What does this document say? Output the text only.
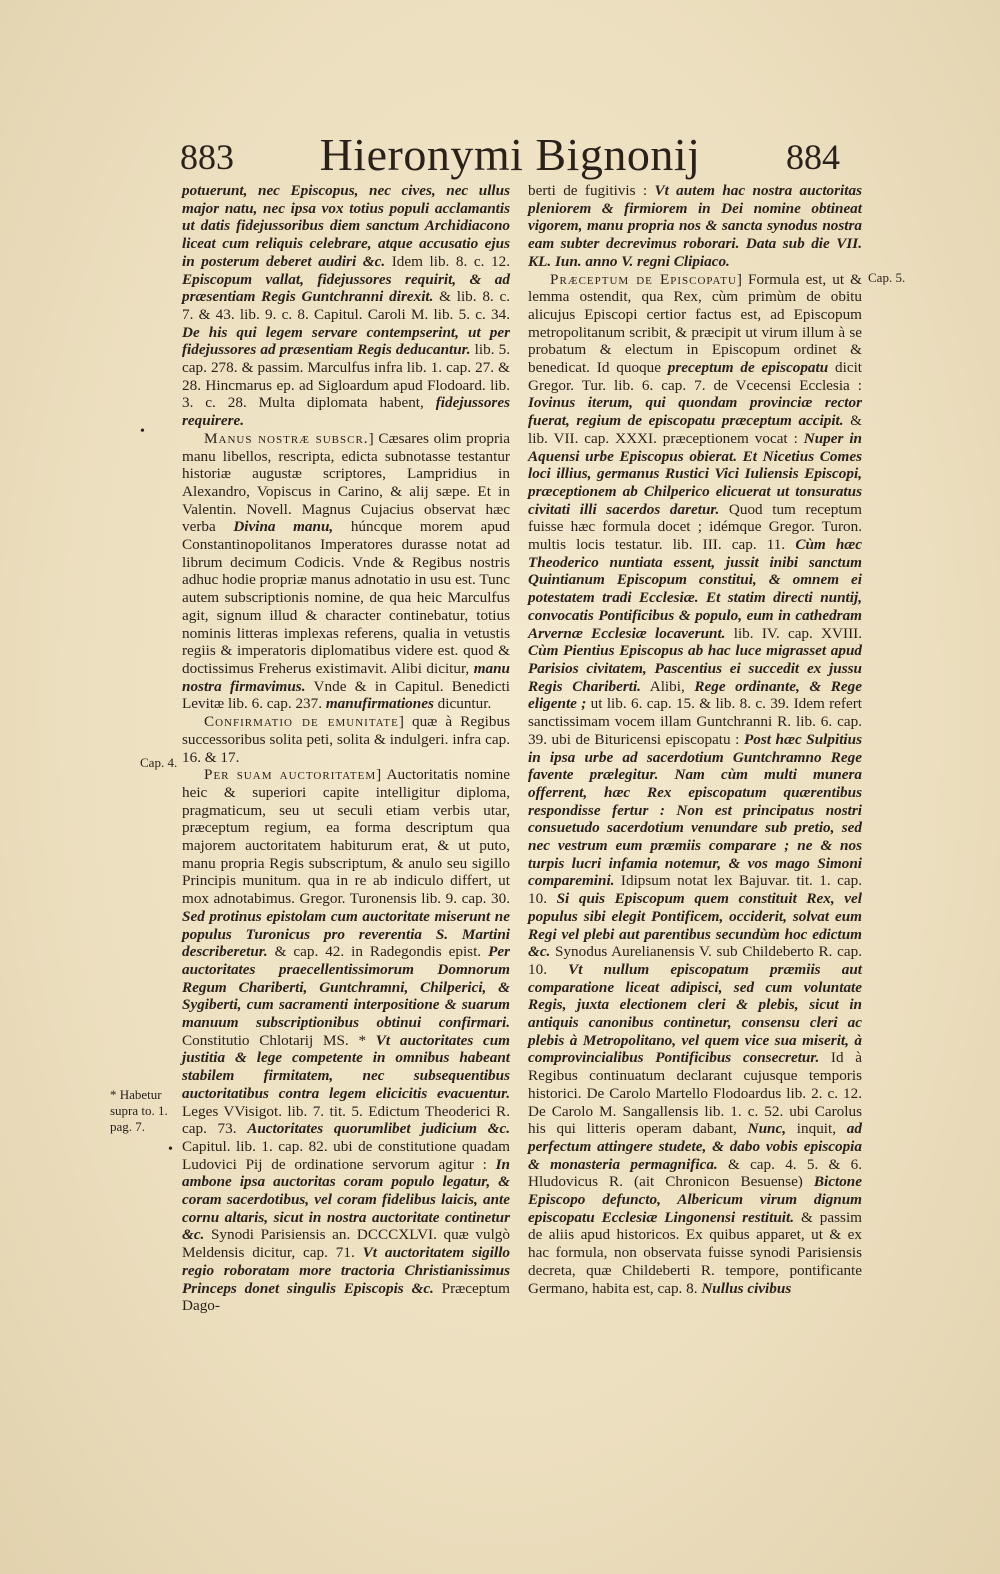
883	Hieronymi Bignonij	884

potuerunt, nec Episcopus, nec cives, nec ullus major natu, nec ipsa vox totius populi acclamantis ut datis fidejussoribus diem sanctum Archidiacono liceat cum reliquis celebrare, atque accusatio ejus in posterum deberet audiri &c. Idem lib. 8. c. 12. Episcopum vallat, fidejussores requirit, & ad præsentiam Regis Guntchranni direxit. & lib. 8. c. 7. & 43. lib. 9. c. 8. Capitul. Caroli M. lib. 5. c. 34. De his qui legem servare contempserint, ut per fidejussores ad præsentiam Regis deducantur. lib. 5. cap. 278. & passim. Marculfus infra lib. 1. cap. 27. & 28. Hincmarus ep. ad Sigloardum apud Flodoard. lib. 3. c. 28. Multa diplomata habent, fidejussores requirere.

Manus nostræ subscr.] Cæsares olim propria manu libellos, rescripta, edicta subnotasse testantur historiæ augustæ scriptores, Lampridius in Alexandro, Vopiscus in Carino, & alij sæpe. Et in Valentin. Novell. Magnus Cujacius observat hæc verba Divina manu, húncque morem apud Constantinopolitanos Imperatores durasse notat ad librum decimum Codicis. Vnde & Regibus nostris adhuc hodie propriæ manus adnotatio in usu est. Tunc autem subscriptionis nomine, de qua heic Marculfus agit, signum illud & character continebatur, totius nominis litteras implexas referens, qualia in vetustis regiis & imperatoris diplomatibus videre est. quod & doctissimus Freherus existimavit. Alibi dicitur, manu nostra firmavimus. Vnde & in Capitul. Benedicti Levitæ lib. 6. cap. 237. manufirmationes dicuntur.

Confirmatio de emunitate] quæ à Regibus successoribus solita peti, solita & indulgeri. infra cap. 16. & 17.

Per suam auctoritatem] Auctoritatis nomine heic & superiori capite intelligitur diploma, pragmaticum, seu ut seculi etiam verbis utar, præceptum regium, ea forma descriptum qua majorem auctoritatem habiturum erat, & ut puto, manu propria Regis subscriptum, & anulo seu sigillo Principis munitum. qua in re ab indiculo differt, ut mox adnotabimus. Gregor. Turonensis lib. 9. cap. 30. Sed protinus epistolam cum auctoritate miserunt ne populus Turonicus pro reverentia S. Martini describeretur. & cap. 42. in Radegondis epist. Per auctoritates praecellentissimorum Domnorum Regum Chariberti, Guntchramni, Chilperici, & Sygiberti, cum sacramenti interpositione & suarum manuum subscriptionibus obtinui confirmari. Constitutio Chlotarij MS. * Vt auctoritates cum justitia & lege competente in omnibus habeant stabilem firmitatem, nec subsequentibus auctoritatibus contra legem elicicitis evacuentur. Leges VVisigot. lib. 7. tit. 5. Edictum Theoderici R. cap. 73. Auctoritates quorumlibet judicium &c. Capitul. lib. 1. cap. 82. ubi de constitutione quadam Ludovici Pij de ordinatione servorum agitur : In ambone ipsa auctoritas coram populo legatur, & coram sacerdotibus, vel coram fidelibus laicis, ante cornu altaris, sicut in nostra auctoritate continetur &c. Synodi Parisiensis an. DCCCXLVI. quæ vulgò Meldensis dicitur, cap. 71. Vt auctoritatem sigillo regio roboratam more tractoria Christianissimus Princeps donet singulis Episcopis &c. Præceptum Dago-

berti de fugitivis : Vt autem hac nostra auctoritas pleniorem & firmiorem in Dei nomine obtineat vigorem, manu propria nos & sancta synodus nostra eam subter decrevimus roborari. Data sub die VII. KL. Iun. anno V. regni Clipiaco.

Præceptum de Episcopatu] Formula est, ut & lemma ostendit, qua Rex, cùm primùm de obitu alicujus Episcopi certior factus est, ad Episcopum metropolitanum scribit, & præcipit ut virum illum à se probatum & electum in Episcopum ordinet & benedicat. Id quoque preceptum de episcopatu dicit Gregor. Tur. lib. 6. cap. 7. de Vcecensi Ecclesia : Iovinus iterum, qui quondam provinciæ rector fuerat, regium de episcopatu præceptum accipit. & lib. VII. cap. XXXI. præceptionem vocat : Nuper in Aquensi urbe Episcopus obierat. Et Nicetius Comes loci illius, germanus Rustici Vici Iuliensis Episcopi, præceptionem ab Chilperico elicuerat ut tonsuratus civitati illi sacerdos daretur. Quod tum receptum fuisse hæc formula docet ; idémque Gregor. Turon. multis locis testatur. lib. III. cap. 11. Cùm hæc Theoderico nuntiata essent, jussit inibi sanctum Quintianum Episcopum constitui, & omnem ei potestatem tradi Ecclesiæ. Et statim directi nuntij, convocatis Pontificibus & populo, eum in cathedram Arvernæ Ecclesiæ locaverunt. lib. IV. cap. XVIII. Cùm Pientius Episcopus ab hac luce migrasset apud Parisios civitatem, Pascentius ei succedit ex jussu Regis Chariberti. Alibi, Rege ordinante, & Rege eligente ; ut lib. 6. cap. 15. & lib. 8. c. 39. Idem refert sanctissimam vocem illam Guntchranni R. lib. 6. cap. 39. ubi de Bituricensi episcopatu : Post hæc Sulpitius in ipsa urbe ad sacerdotium Guntchramno Rege favente prælegitur. Nam cùm multi munera offerrent, hæc Rex episcopatum quærentibus respondisse fertur : Non est principatus nostri consuetudo sacerdotium venundare sub pretio, sed nec vestrum eum præmiis comparare ; ne & nos turpis lucri infamia notemur, & vos mago Simoni comparemini. Idipsum notat lex Bajuvar. tit. 1. cap. 10. Si quis Episcopum quem constituit Rex, vel populus sibi elegit Pontificem, occiderit, solvat eum Regi vel plebi aut parentibus secundùm hoc edictum &c. Synodus Aurelianensis V. sub Childeberto R. cap. 10. Vt nullum episcopatum præmiis aut comparatione liceat adipisci, sed cum voluntate Regis, juxta electionem cleri & plebis, sicut in antiquis canonibus continetur, consensu cleri ac plebis à Metropolitano, vel quem vice sua miserit, à comprovincialibus Pontificibus consecretur. Id à Regibus continuatum declarant cujusque temporis historici. De Carolo Martello Flodoardus lib. 2. c. 12. De Carolo M. Sangallensis lib. 1. c. 52. ubi Carolus his qui litteris operam dabant, Nunc, inquit, ad perfectum attingere studete, & dabo vobis episcopia & monasteria permagnifica. & cap. 4. 5. & 6. Hludovicus R. (ait Chronicon Besuense) Bictone Episcopo defuncto, Albericum virum dignum episcopatu Ecclesiæ Lingonensi restituit. & passim de aliis apud historicos. Ex quibus apparet, ut & ex hac formula, non observata fuisse synodi Parisiensis decreta, quæ Childeberti R. tempore, pontificante Germano, habita est, cap. 8. Nullus civibus

Cap. 4.
Cap. 5.
* Habetur
supra to. 1.
pag. 7.
•
•
